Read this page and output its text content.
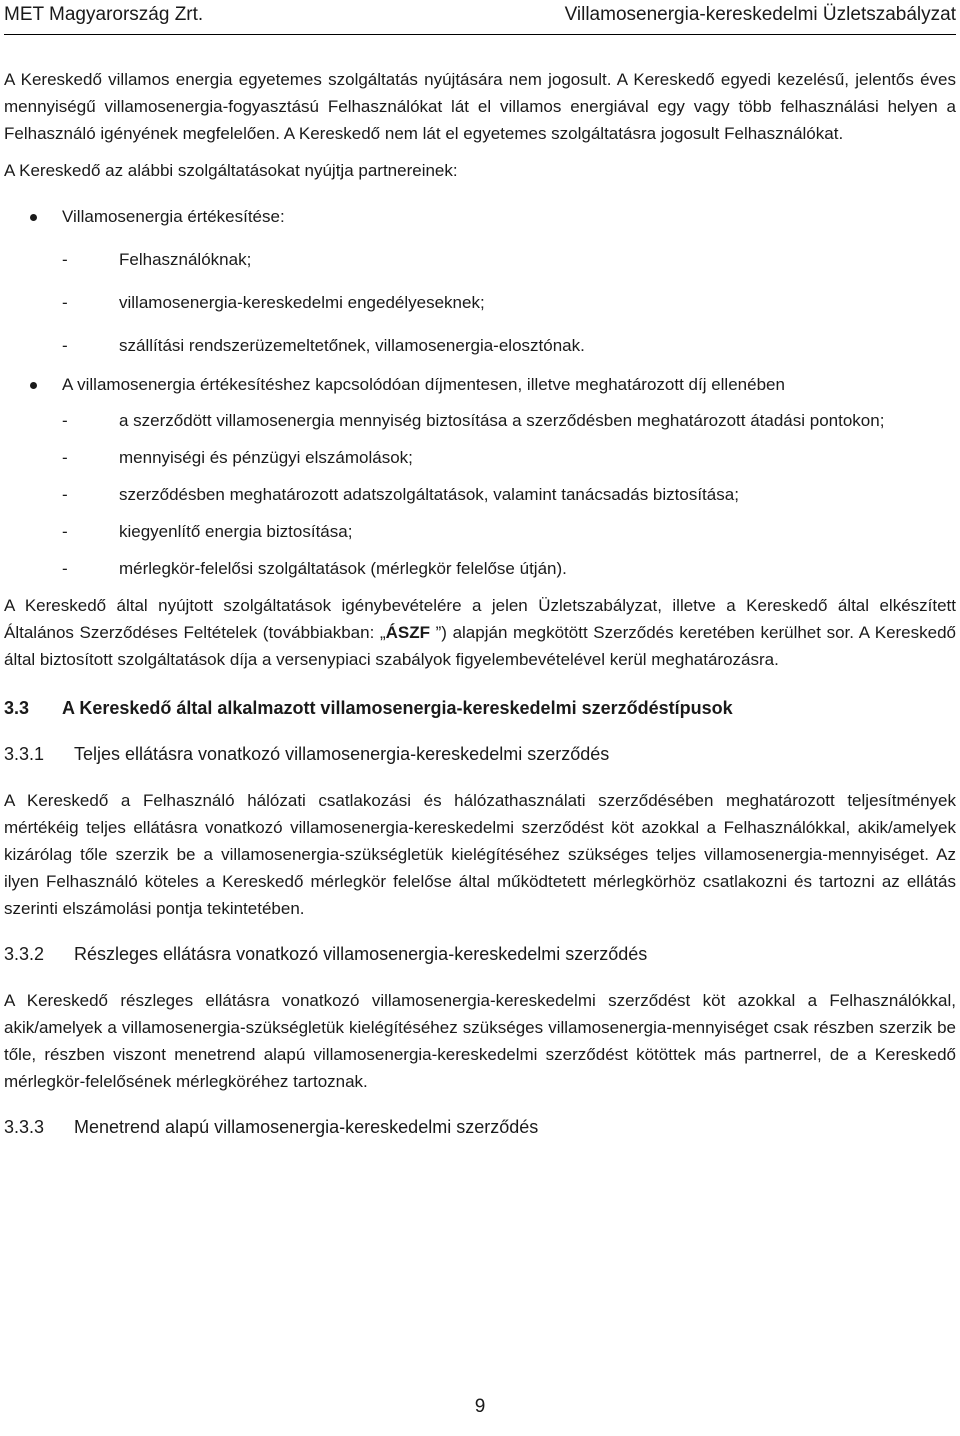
MET Magyarország Zrt.	Villamosenergia-kereskedelmi Üzletszabályzat

A Kereskedő villamos energia egyetemes szolgáltatás nyújtására nem jogosult. A Kereskedő egyedi kezelésű, jelentős éves mennyiségű villamosenergia-fogyasztású Felhasználókat lát el villamos energiával egy vagy több felhasználási helyen a Felhasználó igényének megfelelően. A Kereskedő nem lát el egyetemes szolgáltatásra jogosult Felhasználókat.

A Kereskedő az alábbi szolgáltatásokat nyújtja partnereinek:

Villamosenergia értékesítése:
-	Felhasználóknak;
-	villamosenergia-kereskedelmi engedélyeseknek;
-	szállítási rendszerüzemeltetőnek, villamosenergia-elosztónak.
A villamosenergia értékesítéshez kapcsolódóan díjmentesen, illetve meghatározott díj ellenében
-	a szerződött villamosenergia mennyiség biztosítása a szerződésben meghatározott átadási pontokon;
-	mennyiségi és pénzügyi elszámolások;
-	szerződésben meghatározott adatszolgáltatások, valamint tanácsadás biztosítása;
-	kiegyenlítő energia biztosítása;
-	mérlegkör-felelősi szolgáltatások (mérlegkör felelőse útján).

A Kereskedő által nyújtott szolgáltatások igénybevételére a jelen Üzletszabályzat, illetve a Kereskedő által elkészített Általános Szerződéses Feltételek (továbbiakban: „ÁSZF ”) alapján megkötött Szerződés keretében kerülhet sor. A Kereskedő által biztosított szolgáltatások díja a versenypiaci szabályok figyelembevételével kerül meghatározásra.

3.3	A Kereskedő által alkalmazott villamosenergia-kereskedelmi szerződéstípusok
3.3.1	Teljes ellátásra vonatkozó villamosenergia-kereskedelmi szerződés

A Kereskedő a Felhasználó hálózati csatlakozási és hálózathasználati szerződésében meghatározott teljesítmények mértékéig teljes ellátásra vonatkozó villamosenergia-kereskedelmi szerződést köt azokkal a Felhasználókkal, akik/amelyek kizárólag tőle szerzik be a villamosenergia-szükségletük kielégítéséhez szükséges teljes villamosenergia-mennyiséget. Az ilyen Felhasználó köteles a Kereskedő mérlegkör felelőse által működtetett mérlegkörhöz csatlakozni és tartozni az ellátás szerinti elszámolási pontja tekintetében.

3.3.2	Részleges ellátásra vonatkozó villamosenergia-kereskedelmi szerződés

A Kereskedő részleges ellátásra vonatkozó villamosenergia-kereskedelmi szerződést köt azokkal a Felhasználókkal, akik/amelyek a villamosenergia-szükségletük kielégítéséhez szükséges villamosenergia-mennyiséget csak részben szerzik be tőle, részben viszont menetrend alapú villamosenergia-kereskedelmi szerződést kötöttek más partnerrel, de a Kereskedő mérlegkör-felelősének mérlegköréhez tartoznak.

3.3.3	Menetrend alapú villamosenergia-kereskedelmi szerződés
9
